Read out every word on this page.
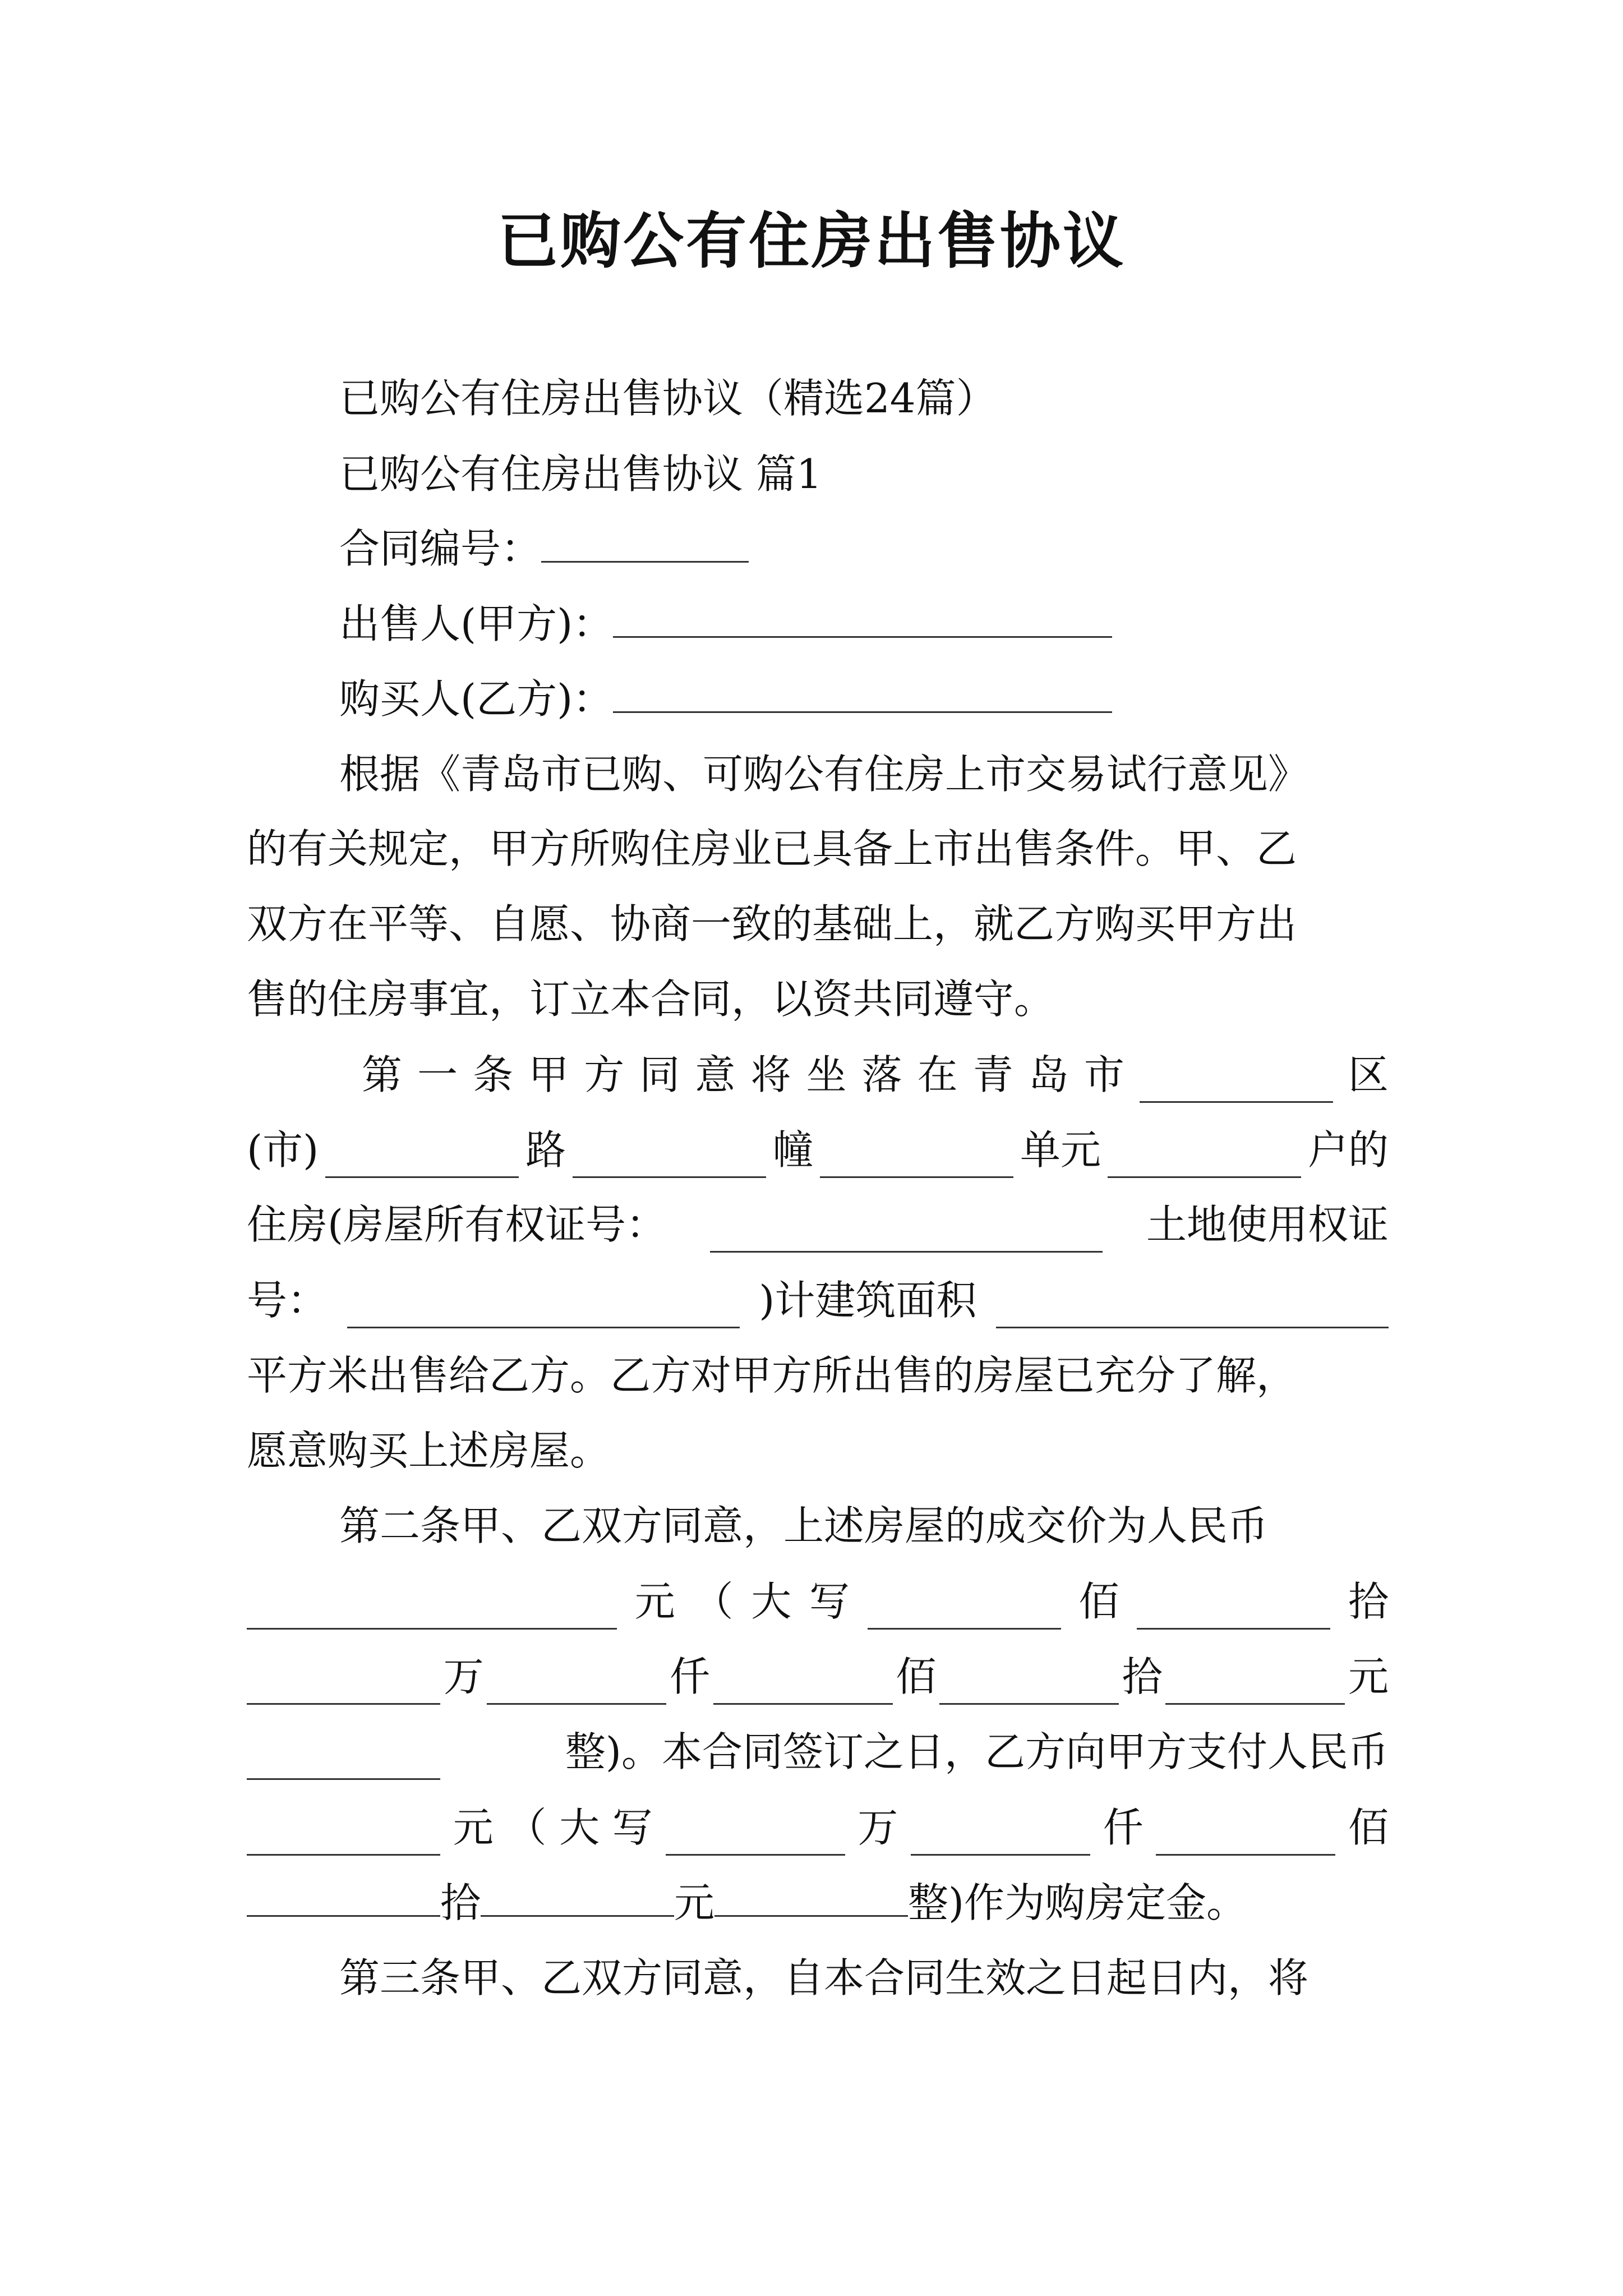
已购公有住房出售协议
已购公有住房出售协议（精选24篇）
已购公有住房出售协议 篇1
合同编号：
出售人(甲方)：
购买人(乙方)：
根据《青岛市已购、可购公有住房上市交易试行意见》
的有关规定，甲方所购住房业已具备上市出售条件。甲、乙
双方在平等、自愿、协商一致的基础上，就乙方购买甲方出
售的住房事宜，订立本合同，以资共同遵守。
第 一 条 甲 方 同 意 将 坐 落 在 青 岛 市	区
(市)	路	幢	单元	户的
住房(房屋所有权证号：	土地使用权证
号：	)计建筑面积
平方米出售给乙方。乙方对甲方所出售的房屋已充分了解，
愿意购买上述房屋。
第二条甲、乙双方同意，上述房屋的成交价为人民币
元 （ 大 写	佰	拾
万	仟	佰	拾	元
整)。本合同签订之日，乙方向甲方支付人民币
元 （ 大 写	万	仟	佰
拾	元	整)作为购房定金。
第三条甲、乙双方同意，自本合同生效之日起日内，将
